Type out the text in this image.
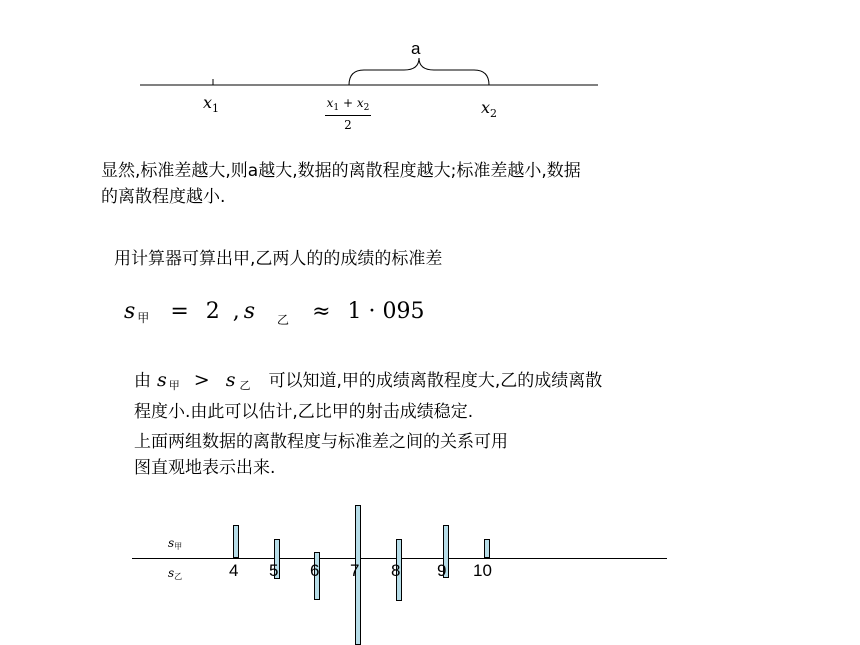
a
$x_1$	$x_1 + x_2$
2
$x_2$
显然,标准差越大,则a越大,数据的离散程度越大;标准差越小,数据
的离散程度越小.
用计算器可算出甲,乙两人的的成绩的标准差
s甲 = 2 , s $_乙$ ≈ 1 · 095
由 s 甲 > s 乙 可以知道,甲的成绩离散程度大,乙的成绩离散
程度小.由此可以估计,乙比甲的射击成绩稳定.
上面两组数据的离散程度与标准差之间的关系可用
图直观地表示出来.
s甲
s乙	4 5 6 7 8 9 10
